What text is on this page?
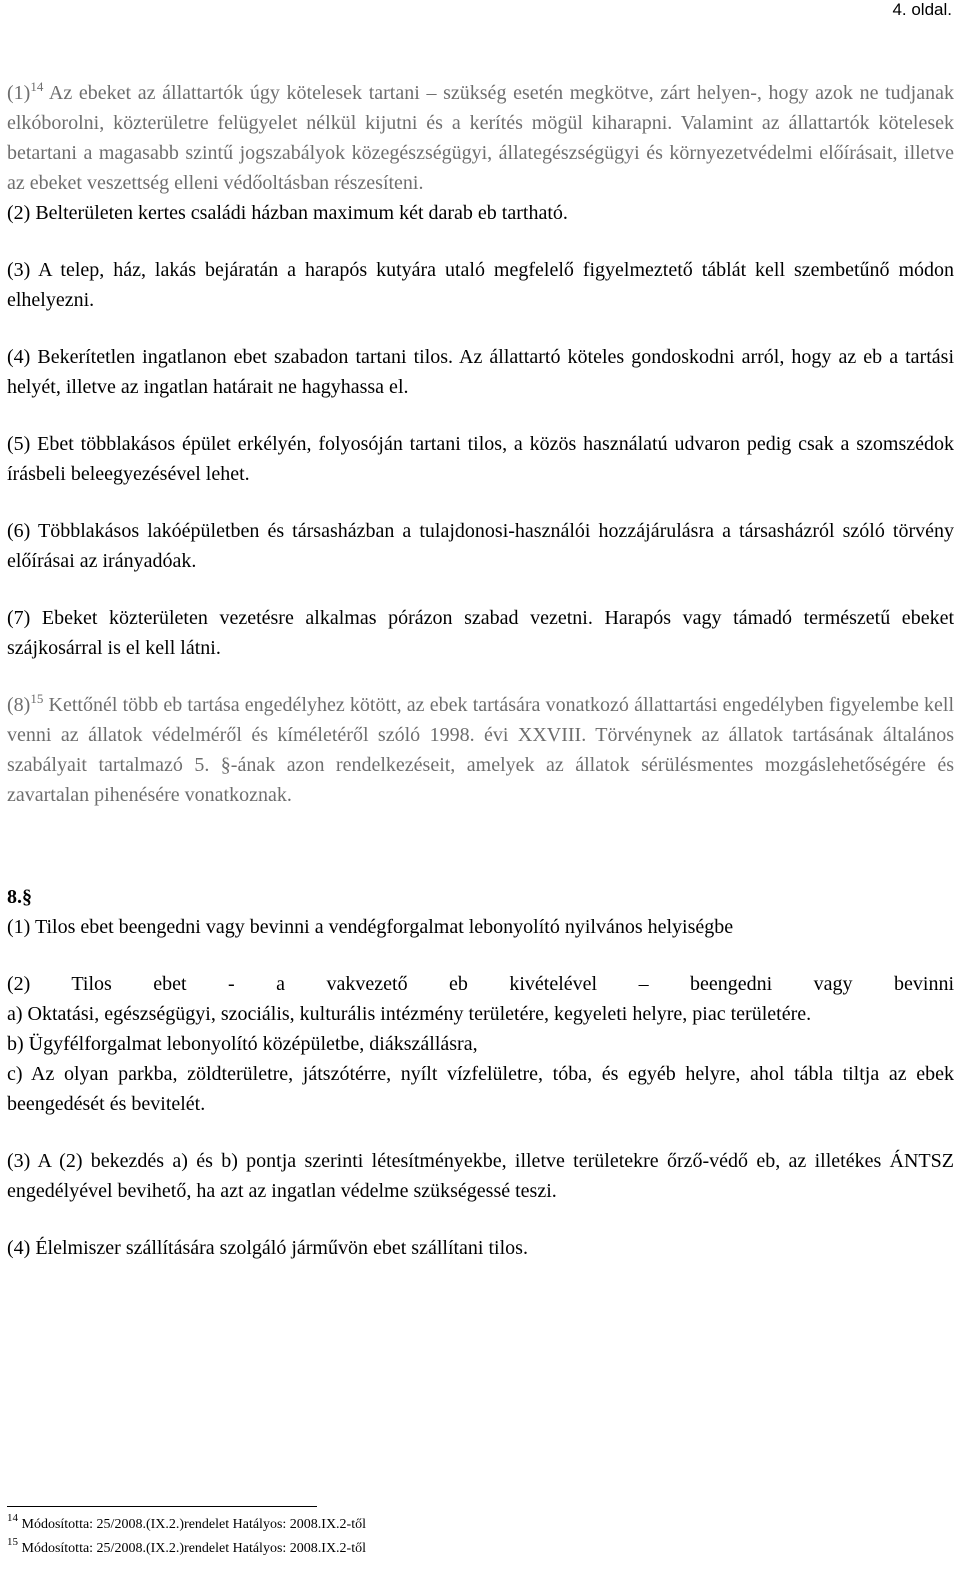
4. oldal.

$(1)^{14}$ Az ebeket az állattartók úgy kötelesek tartani – szükség esetén megkötve, zárt helyen-, hogy azok ne tudjanak elkóborolni, közterületre felügyelet nélkül kijutni és a kerítés mögül kiharapni. Valamint az állattartók kötelesek betartani a magasabb szintű jogszabályok közegészségügyi, állategészségügyi és környezetvédelmi előírásait, illetve az ebeket veszettség elleni védőoltásban részesíteni.

(2) Belterületen kertes családi házban maximum két darab eb tartható.

(3) A telep, ház, lakás bejáratán a harapós kutyára utaló megfelelő figyelmeztető táblát kell szembetűnő módon elhelyezni.

(4) Bekerítetlen ingatlanon ebet szabadon tartani tilos. Az állattartó köteles gondoskodni arról, hogy az eb a tartási helyét, illetve az ingatlan határait ne hagyhassa el.

(5) Ebet többlakásos épület erkélyén, folyosóján tartani tilos, a közös használatú udvaron pedig csak a szomszédok írásbeli beleegyezésével lehet.

(6) Többlakásos lakóépületben és társasházban a tulajdonosi-használói hozzájárulásra a társasházról szóló törvény előírásai az irányadóak.

(7) Ebeket közterületen vezetésre alkalmas pórázon szabad vezetni. Harapós vagy támadó természetű ebeket szájkosárral is el kell látni.

$(8)^{15}$ Kettőnél több eb tartása engedélyhez kötött, az ebek tartására vonatkozó állattartási engedélyben figyelembe kell venni az állatok védelméről és kíméletéről szóló 1998. évi XXVIII. Törvénynek az állatok tartásának általános szabályait tartalmazó 5. §-ának azon rendelkezéseit, amelyek az állatok sérülésmentes mozgáslehetőségére és zavartalan pihenésére vonatkoznak.

8.§

(1) Tilos ebet beengedni vagy bevinni a vendégforgalmat lebonyolító nyilvános helyiségbe

(2) Tilos ebet - a vakvezető eb kivételével – beengedni vagy bevinni

a) Oktatási, egészségügyi, szociális, kulturális intézmény területére, kegyeleti helyre, piac területére.

b) Ügyfélforgalmat lebonyolító középületbe, diákszállásra,

c) Az olyan parkba, zöldterületre, játszótérre, nyílt vízfelületre, tóba, és egyéb helyre, ahol tábla tiltja az ebek beengedését és bevitelét.

(3) A (2) bekezdés a) és b) pontja szerinti létesítményekbe, illetve területekre őrző-védő eb, az illetékes ÁNTSZ engedélyével bevihető, ha azt az ingatlan védelme szükségessé teszi.

(4) Élelmiszer szállítására szolgáló járművön ebet szállítani tilos.

$^{14}$ Módosította: 25/2008.(IX.2.)rendelet Hatályos: 2008.IX.2-től
$^{15}$ Módosította: 25/2008.(IX.2.)rendelet Hatályos: 2008.IX.2-től
